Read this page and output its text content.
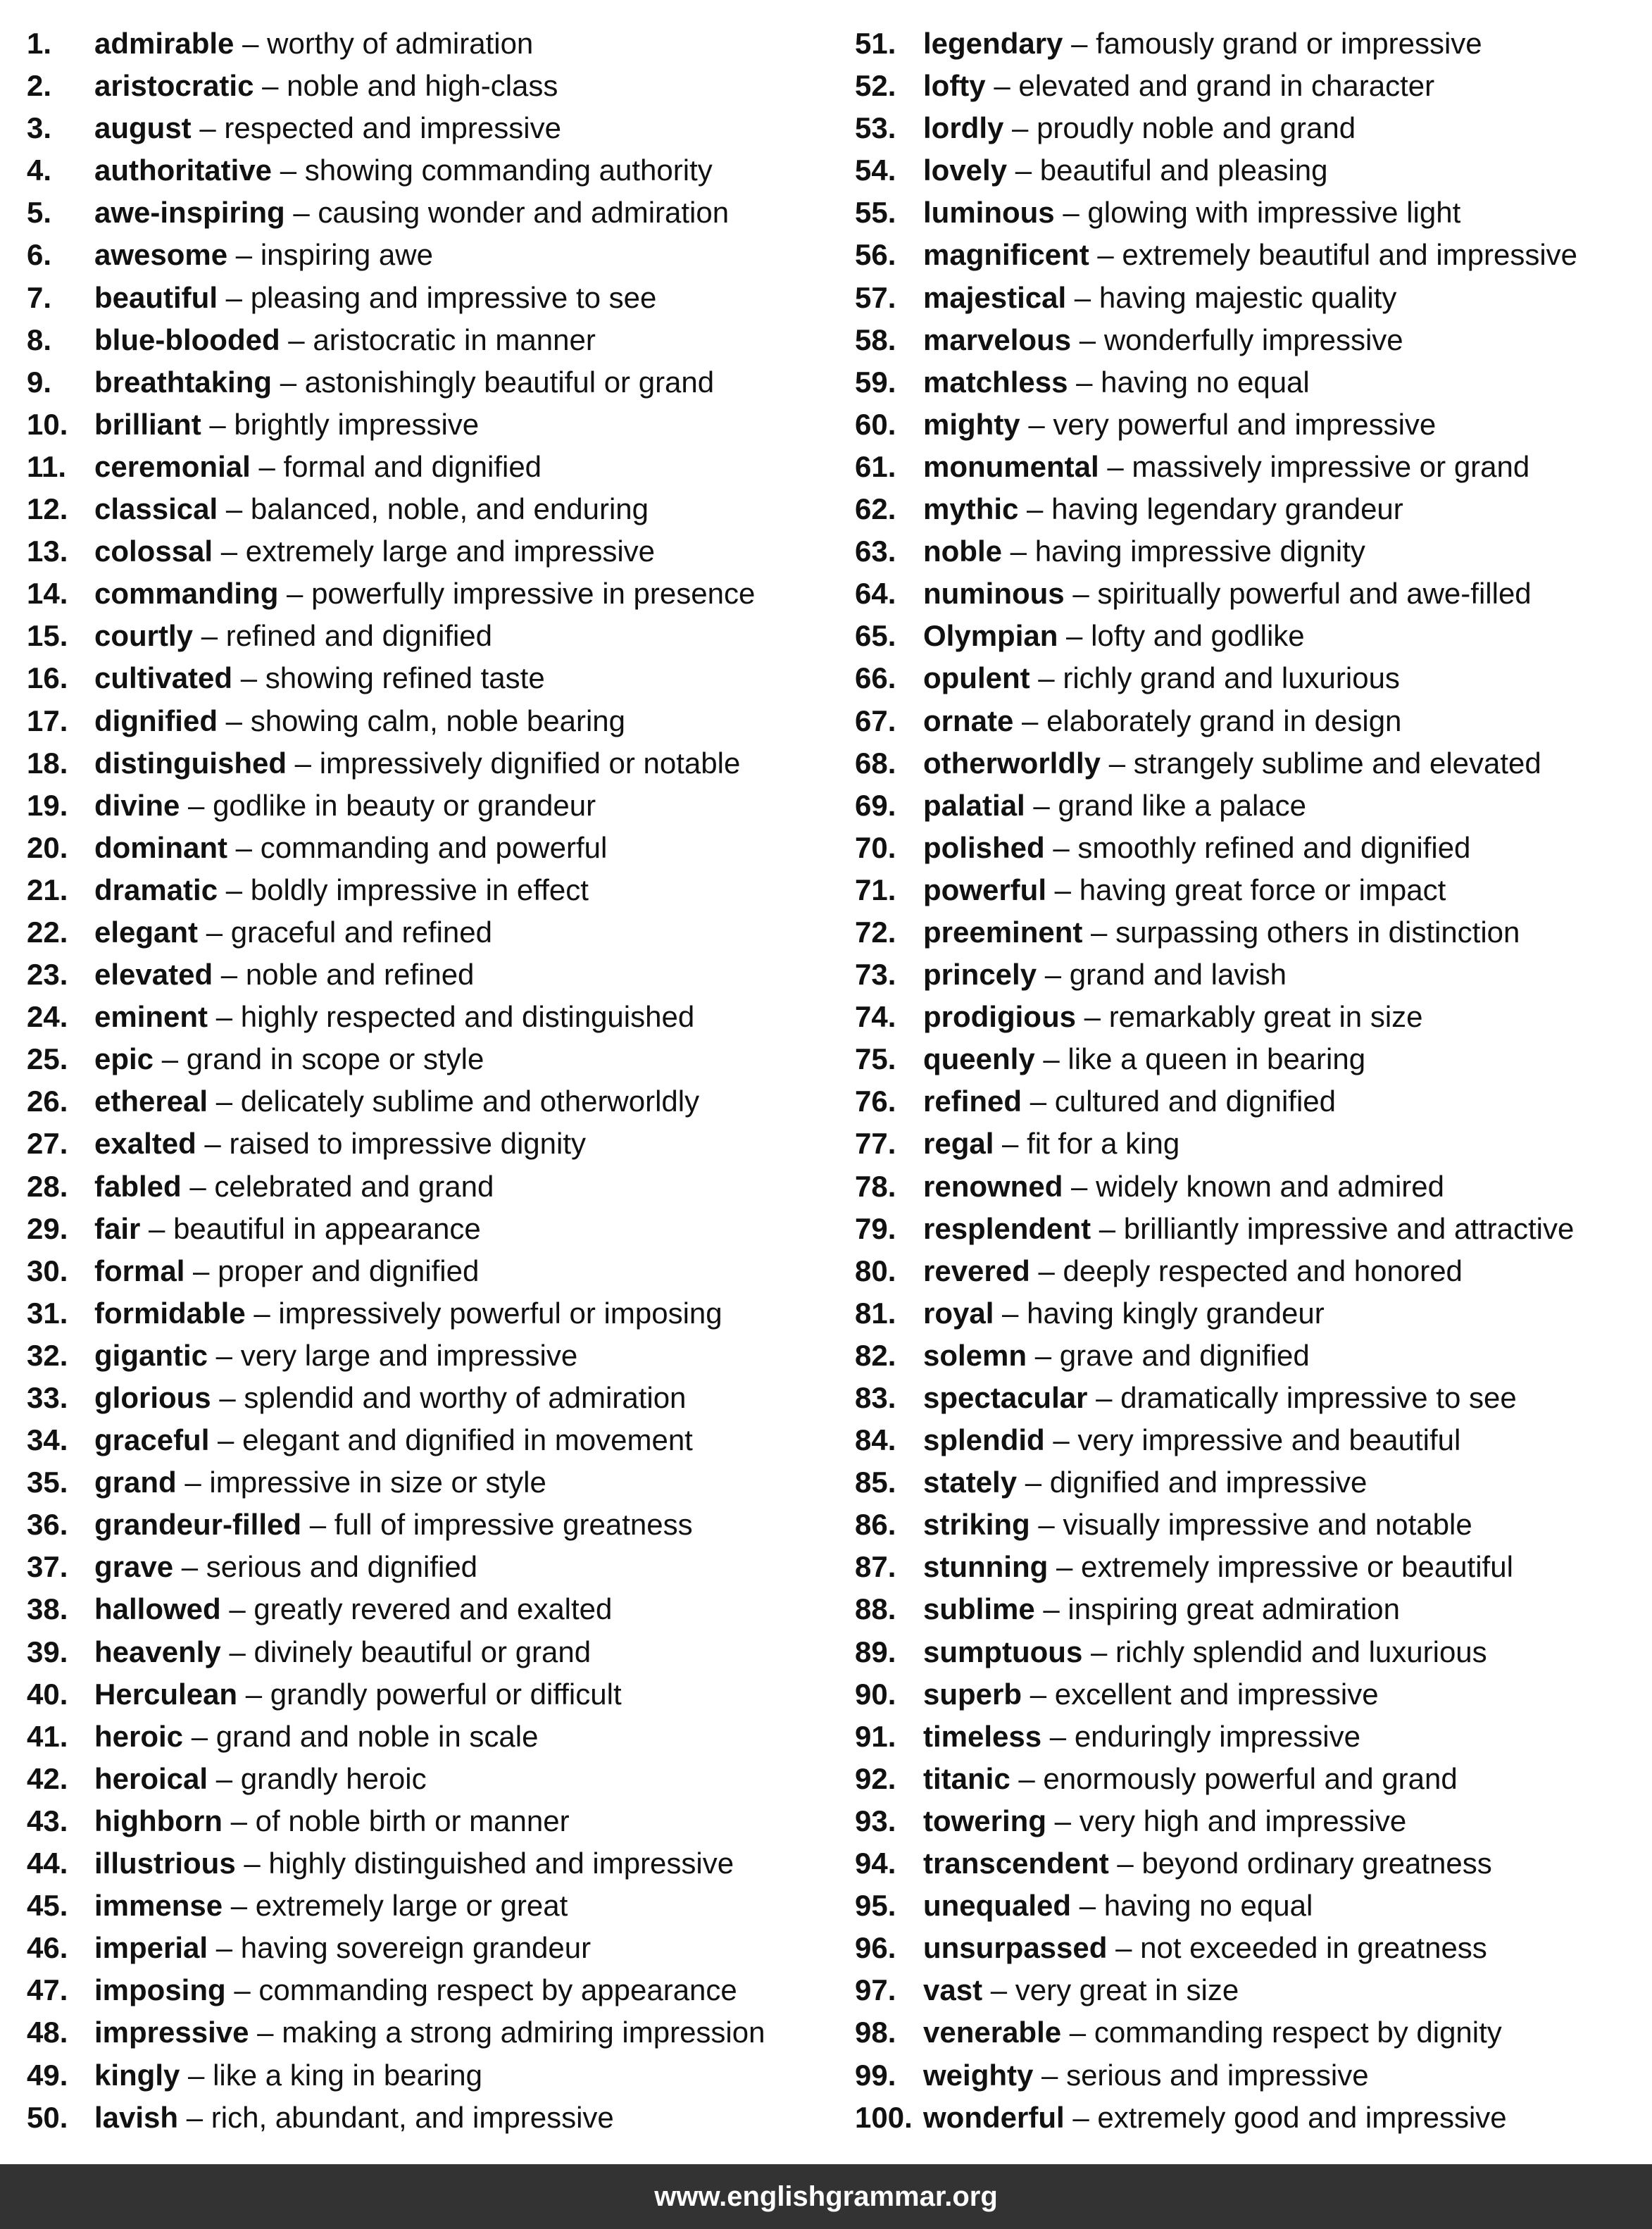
1. admirable – worthy of admiration
2. aristocratic – noble and high-class
3. august – respected and impressive
4. authoritative – showing commanding authority
5. awe-inspiring – causing wonder and admiration
6. awesome – inspiring awe
7. beautiful – pleasing and impressive to see
8. blue-blooded – aristocratic in manner
9. breathtaking – astonishingly beautiful or grand
10. brilliant – brightly impressive
11. ceremonial – formal and dignified
12. classical – balanced, noble, and enduring
13. colossal – extremely large and impressive
14. commanding – powerfully impressive in presence
15. courtly – refined and dignified
16. cultivated – showing refined taste
17. dignified – showing calm, noble bearing
18. distinguished – impressively dignified or notable
19. divine – godlike in beauty or grandeur
20. dominant – commanding and powerful
21. dramatic – boldly impressive in effect
22. elegant – graceful and refined
23. elevated – noble and refined
24. eminent – highly respected and distinguished
25. epic – grand in scope or style
26. ethereal – delicately sublime and otherworldly
27. exalted – raised to impressive dignity
28. fabled – celebrated and grand
29. fair – beautiful in appearance
30. formal – proper and dignified
31. formidable – impressively powerful or imposing
32. gigantic – very large and impressive
33. glorious – splendid and worthy of admiration
34. graceful – elegant and dignified in movement
35. grand – impressive in size or style
36. grandeur-filled – full of impressive greatness
37. grave – serious and dignified
38. hallowed – greatly revered and exalted
39. heavenly – divinely beautiful or grand
40. Herculean – grandly powerful or difficult
41. heroic – grand and noble in scale
42. heroical – grandly heroic
43. highborn – of noble birth or manner
44. illustrious – highly distinguished and impressive
45. immense – extremely large or great
46. imperial – having sovereign grandeur
47. imposing – commanding respect by appearance
48. impressive – making a strong admiring impression
49. kingly – like a king in bearing
50. lavish – rich, abundant, and impressive
51. legendary – famously grand or impressive
52. lofty – elevated and grand in character
53. lordly – proudly noble and grand
54. lovely – beautiful and pleasing
55. luminous – glowing with impressive light
56. magnificent – extremely beautiful and impressive
57. majestical – having majestic quality
58. marvelous – wonderfully impressive
59. matchless – having no equal
60. mighty – very powerful and impressive
61. monumental – massively impressive or grand
62. mythic – having legendary grandeur
63. noble – having impressive dignity
64. numinous – spiritually powerful and awe-filled
65. Olympian – lofty and godlike
66. opulent – richly grand and luxurious
67. ornate – elaborately grand in design
68. otherworldly – strangely sublime and elevated
69. palatial – grand like a palace
70. polished – smoothly refined and dignified
71. powerful – having great force or impact
72. preeminent – surpassing others in distinction
73. princely – grand and lavish
74. prodigious – remarkably great in size
75. queenly – like a queen in bearing
76. refined – cultured and dignified
77. regal – fit for a king
78. renowned – widely known and admired
79. resplendent – brilliantly impressive and attractive
80. revered – deeply respected and honored
81. royal – having kingly grandeur
82. solemn – grave and dignified
83. spectacular – dramatically impressive to see
84. splendid – very impressive and beautiful
85. stately – dignified and impressive
86. striking – visually impressive and notable
87. stunning – extremely impressive or beautiful
88. sublime – inspiring great admiration
89. sumptuous – richly splendid and luxurious
90. superb – excellent and impressive
91. timeless – enduringly impressive
92. titanic – enormously powerful and grand
93. towering – very high and impressive
94. transcendent – beyond ordinary greatness
95. unequaled – having no equal
96. unsurpassed – not exceeded in greatness
97. vast – very great in size
98. venerable – commanding respect by dignity
99. weighty – serious and impressive
100. wonderful – extremely good and impressive
www.englishgrammar.org
